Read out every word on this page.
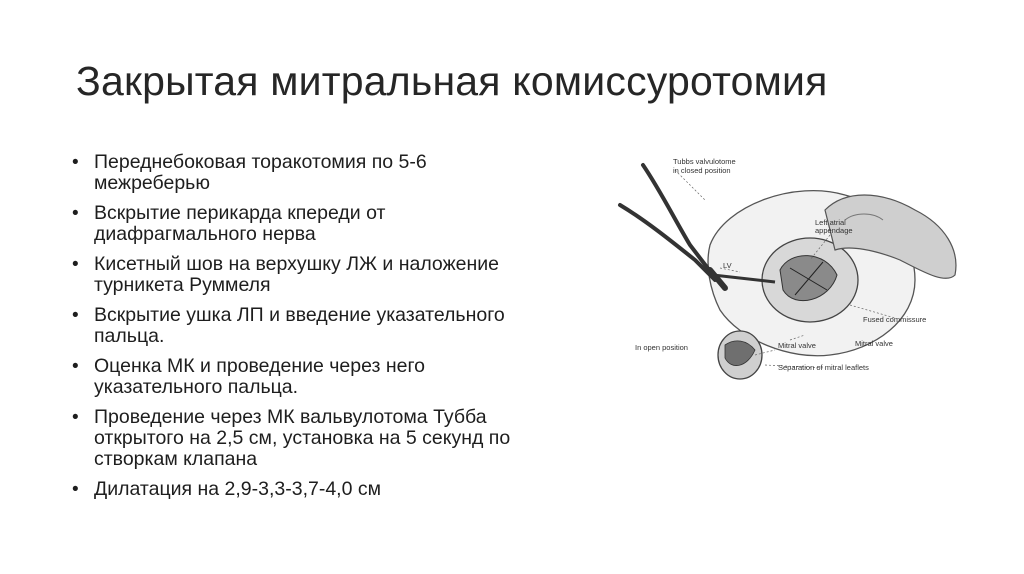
Закрытая митральная комиссуротомия
• Переднебоковая торакотомия по 5-6
межреберью
• Вскрытие перикарда кпереди от
диафрагмального нерва
• Кисетный шов на верхушку ЛЖ и наложение
турникета Руммеля
• Вскрытие ушка ЛП и введение указательного
пальца.
• Оценка МК и проведение через него
указательного пальца.
• Проведение через МК вальвулотома Тубба
открытого на 2,5 см, установка на 5 секунд по
створкам клапана
• Дилатация на 2,9-3,3-3,7-4,0 см
Tubbs valvulotome
in closed position
Left atrial
appendage
LV
Fused commissure
In open position	Mitral valve	Mitral valve
Separation of mitral leaflets
